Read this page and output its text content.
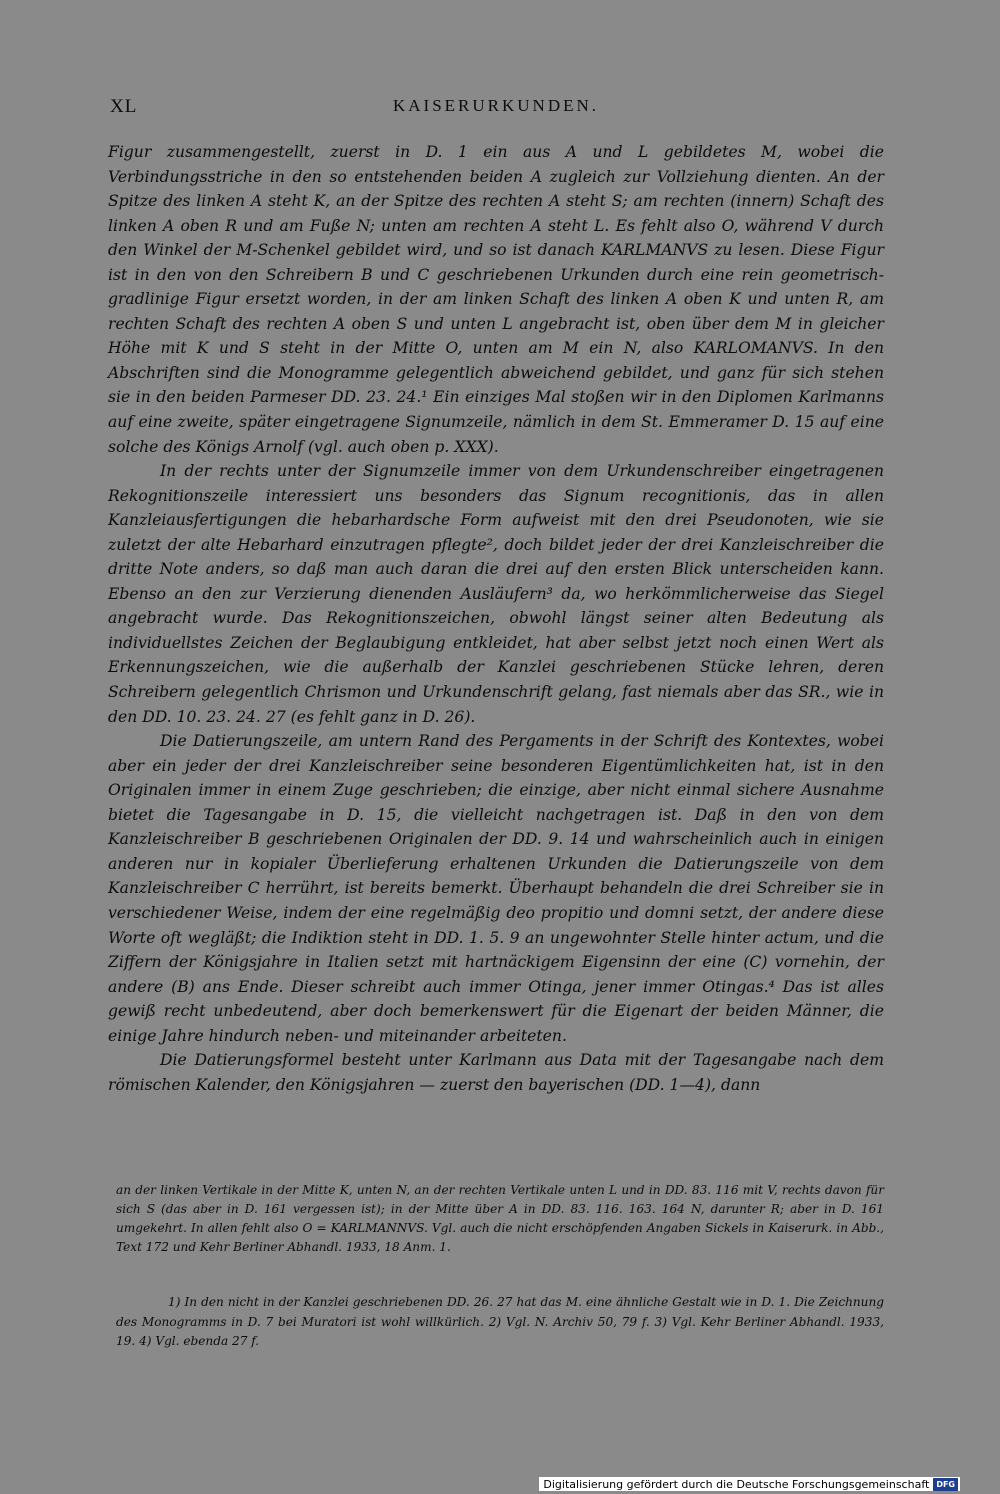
XL	KAISERURKUNDEN.

Figur zusammengestellt, zuerst in D. 1 ein aus A und L gebildetes M, wobei die Verbindungsstriche in den so entstehenden beiden A zugleich zur Vollziehung dienten. An der Spitze des linken A steht K, an der Spitze des rechten A steht S; am rechten (innern) Schaft des linken A oben R und am Fuße N; unten am rechten A steht L. Es fehlt also O, während V durch den Winkel der M-Schenkel gebildet wird, und so ist danach KARLMANVS zu lesen. Diese Figur ist in den von den Schreibern B und C geschriebenen Urkunden durch eine rein geometrisch-gradlinige Figur ersetzt worden, in der am linken Schaft des linken A oben K und unten R, am rechten Schaft des rechten A oben S und unten L angebracht ist, oben über dem M in gleicher Höhe mit K und S steht in der Mitte O, unten am M ein N, also KARLOMANVS. In den Abschriften sind die Monogramme gelegentlich abweichend gebildet, und ganz für sich stehen sie in den beiden Parmeser DD. 23. 24.¹ Ein einziges Mal stoßen wir in den Diplomen Karlmanns auf eine zweite, später eingetragene Signumzeile, nämlich in dem St. Emmeramer D. 15 auf eine solche des Königs Arnolf (vgl. auch oben p. XXX).

In der rechts unter der Signumzeile immer von dem Urkundenschreiber eingetragenen Rekognitionszeile interessiert uns besonders das Signum recognitionis, das in allen Kanzleiausfertigungen die hebarhardsche Form aufweist mit den drei Pseudonoten, wie sie zuletzt der alte Hebarhard einzutragen pflegte², doch bildet jeder der drei Kanzleischreiber die dritte Note anders, so daß man auch daran die drei auf den ersten Blick unterscheiden kann. Ebenso an den zur Verzierung dienenden Ausläufern³ da, wo herkömmlicherweise das Siegel angebracht wurde. Das Rekognitionszeichen, obwohl längst seiner alten Bedeutung als individuellstes Zeichen der Beglaubigung entkleidet, hat aber selbst jetzt noch einen Wert als Erkennungszeichen, wie die außerhalb der Kanzlei geschriebenen Stücke lehren, deren Schreibern gelegentlich Chrismon und Urkundenschrift gelang, fast niemals aber das SR., wie in den DD. 10. 23. 24. 27 (es fehlt ganz in D. 26).

Die Datierungszeile, am untern Rand des Pergaments in der Schrift des Kontextes, wobei aber ein jeder der drei Kanzleischreiber seine besonderen Eigentümlichkeiten hat, ist in den Originalen immer in einem Zuge geschrieben; die einzige, aber nicht einmal sichere Ausnahme bietet die Tagesangabe in D. 15, die vielleicht nachgetragen ist. Daß in den von dem Kanzleischreiber B geschriebenen Originalen der DD. 9. 14 und wahrscheinlich auch in einigen anderen nur in kopialer Überlieferung erhaltenen Urkunden die Datierungszeile von dem Kanzleischreiber C herrührt, ist bereits bemerkt. Überhaupt behandeln die drei Schreiber sie in verschiedener Weise, indem der eine regelmäßig deo propitio und domni setzt, der andere diese Worte oft wegläßt; die Indiktion steht in DD. 1. 5. 9 an ungewohnter Stelle hinter actum, und die Ziffern der Königsjahre in Italien setzt mit hartnäckigem Eigensinn der eine (C) vornehin, der andere (B) ans Ende. Dieser schreibt auch immer Otinga, jener immer Otingas.⁴ Das ist alles gewiß recht unbedeutend, aber doch bemerkenswert für die Eigenart der beiden Männer, die einige Jahre hindurch neben- und miteinander arbeiteten.

Die Datierungsformel besteht unter Karlmann aus Data mit der Tagesangabe nach dem römischen Kalender, den Königsjahren — zuerst den bayerischen (DD. 1—4), dann

an der linken Vertikale in der Mitte K, unten N, an der rechten Vertikale unten L und in DD. 83. 116 mit V, rechts davon für sich S (das aber in D. 161 vergessen ist); in der Mitte über A in DD. 83. 116. 163. 164 N, darunter R; aber in D. 161 umgekehrt. In allen fehlt also O = KARLMANNVS. Vgl. auch die nicht erschöpfenden Angaben Sickels in Kaiserurk. in Abb., Text 172 und Kehr Berliner Abhandl. 1933, 18 Anm. 1.

1) In den nicht in der Kanzlei geschriebenen DD. 26. 27 hat das M. eine ähnliche Gestalt wie in D. 1. Die Zeichnung des Monogramms in D. 7 bei Muratori ist wohl willkürlich. 2) Vgl. N. Archiv 50, 79 f. 3) Vgl. Kehr Berliner Abhandl. 1933, 19. 4) Vgl. ebenda 27 f.

Digitalisierung gefördert durch die Deutsche Forschungsgemeinschaft DFG
